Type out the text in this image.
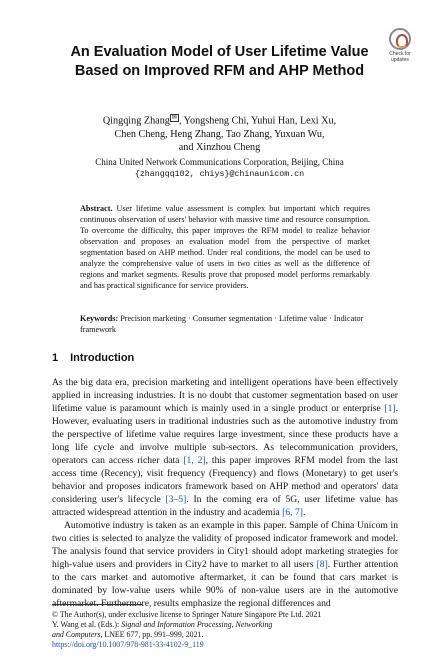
Check for
updates
An Evaluation Model of User Lifetime Value
Based on Improved RFM and AHP Method
Qingqing Zhang ✉ , Yongsheng Chi, Yuhui Han, Lexi Xu,
Chen Cheng, Heng Zhang, Tao Zhang, Yuxuan Wu,
and Xinzhou Cheng
China United Network Communications Corporation, Beijing, China
{zhangqq102, chiys}@chinaunicom.cn
Abstract. User lifetime value assessment is complex but important which requires continuous observation of users' behavior with massive time and resource consumption. To overcome the difficulty, this paper improves the RFM model to realize behavior observation and proposes an evaluation model from the perspective of market segmentation based on AHP method. Under real conditions, the model can be used to analyze the comprehensive value of users in two cities as well as the difference of regions and market segments. Results prove that proposed model performs remarkably and has practical significance for service providers.
Keywords: Precision marketing · Consumer segmentation · Lifetime value · Indicator framework
1 Introduction

As the big data era, precision marketing and intelligent operations have been effectively applied in increasing industries. It is no doubt that customer segmentation based on user lifetime value is paramount which is mainly used in a single product or enterprise [1]. However, evaluating users in traditional industries such as the automotive industry from the perspective of lifetime value requires large investment, since these products have a long life cycle and involve multiple sub-sectors. As telecommunication providers, operators can access richer data [1, 2], this paper improves RFM model from the last access time (Recency), visit frequency (Frequency) and flows (Monetary) to get user's behavior and proposes indicators framework based on AHP method and operators' data considering user's lifecycle [3–5]. In the coming era of 5G, user lifetime value has attracted widespread attention in the industry and academia [6, 7].

Automotive industry is taken as an example in this paper. Sample of China Unicom in two cities is selected to analyze the validity of proposed indicator framework and model. The analysis found that service providers in City1 should adopt marketing strategies for high-value users and providers in City2 have to market to all users [8]. Further attention to the cars market and automotive aftermarket, it can be found that cars market is dominated by low-value users while 90% of non-value users are in the automotive aftermarket. Furthermore, results emphasize the regional differences and

© The Author(s), under exclusive license to Springer Nature Singapore Pte Ltd. 2021
Y. Wang et al. (Eds.): Signal and Information Processing, Networking
and Computers, LNEE 677, pp. 991–999, 2021.
https://doi.org/10.1007/978-981-33-4102-9_119
